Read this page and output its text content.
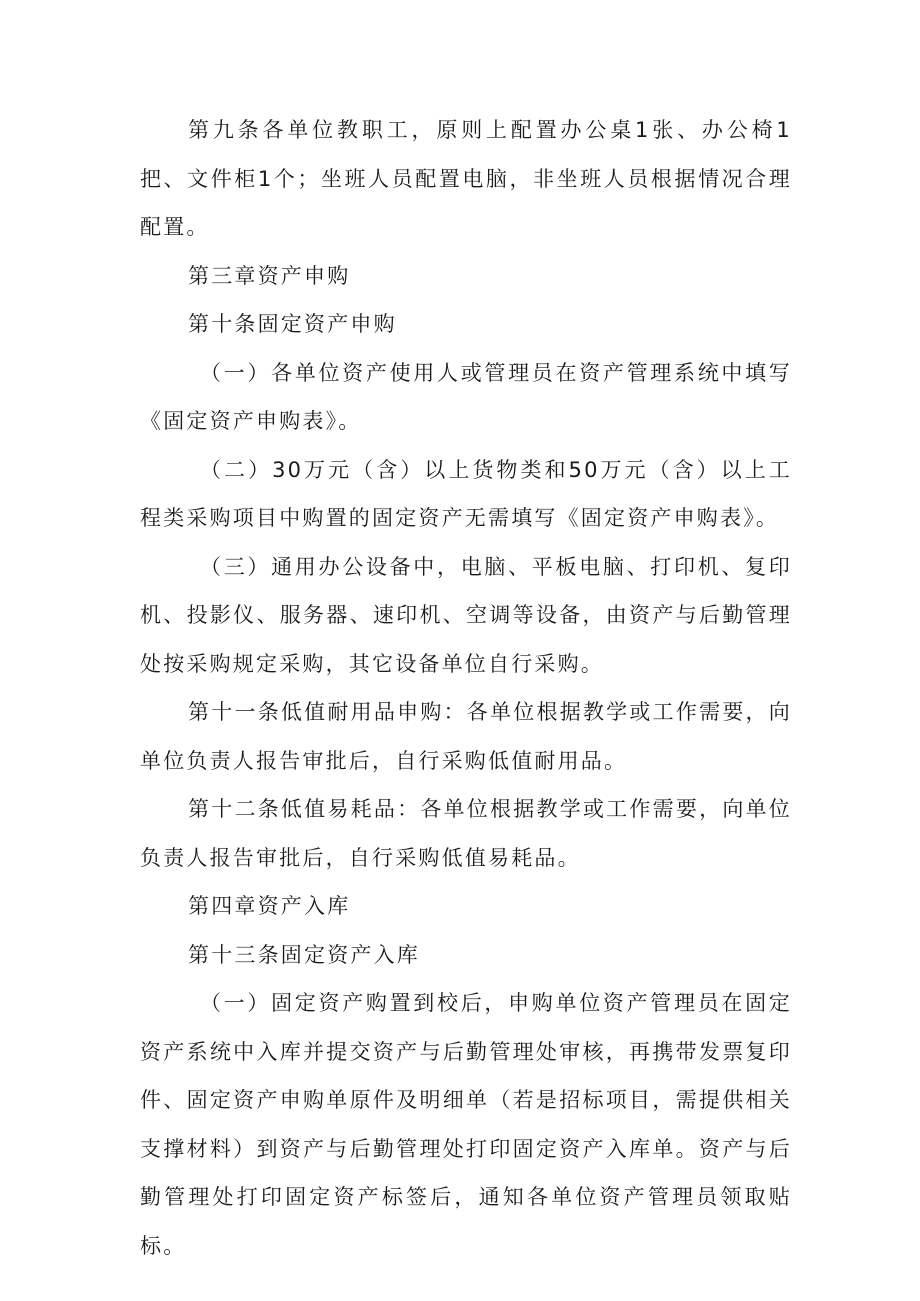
第九条各单位教职工，原则上配置办公桌1张、办公椅1把、文件柜1个；坐班人员配置电脑，非坐班人员根据情况合理配置。

第三章资产申购
第十条固定资产申购

（一）各单位资产使用人或管理员在资产管理系统中填写《固定资产申购表》。

（二）30万元（含）以上货物类和50万元（含）以上工程类采购项目中购置的固定资产无需填写《固定资产申购表》。

（三）通用办公设备中，电脑、平板电脑、打印机、复印机、投影仪、服务器、速印机、空调等设备，由资产与后勤管理处按采购规定采购，其它设备单位自行采购。

第十一条低值耐用品申购：各单位根据教学或工作需要，向单位负责人报告审批后，自行采购低值耐用品。

第十二条低值易耗品：各单位根据教学或工作需要，向单位负责人报告审批后，自行采购低值易耗品。

第四章资产入库
第十三条固定资产入库

（一）固定资产购置到校后，申购单位资产管理员在固定资产系统中入库并提交资产与后勤管理处审核，再携带发票复印件、固定资产申购单原件及明细单（若是招标项目，需提供相关支撑材料）到资产与后勤管理处打印固定资产入库单。资产与后勤管理处打印固定资产标签后，通知各单位资产管理员领取贴标。
